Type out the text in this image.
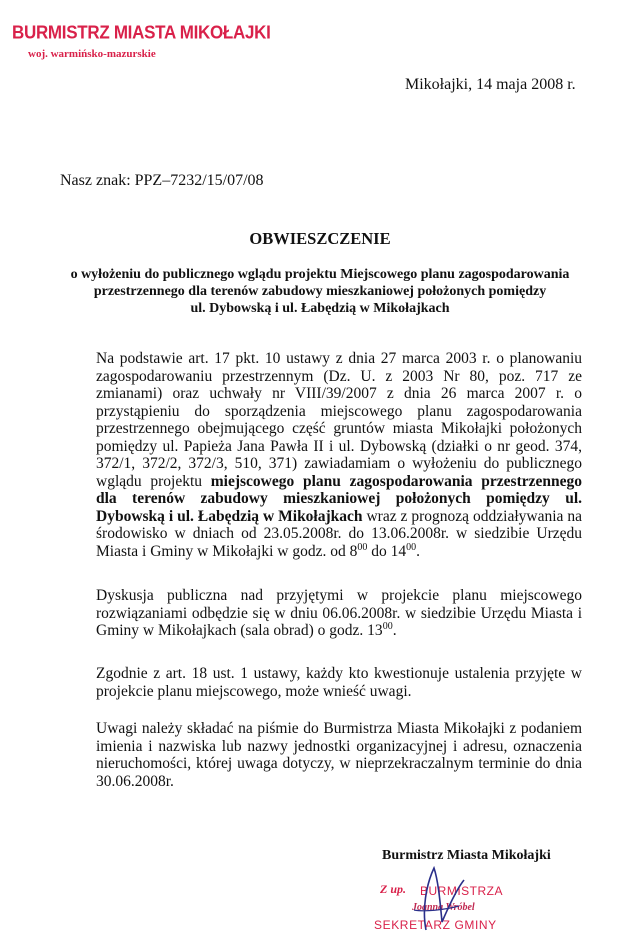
BURMISTRZ MIASTA MIKOŁAJKI
woj. warmińsko-mazurskie
Mikołajki, 14 maja 2008 r.
Nasz znak: PPZ–7232/15/07/08
OBWIESZCZENIE
o wyłożeniu do publicznego wglądu projektu Miejscowego planu zagospodarowania
przestrzennego dla terenów zabudowy mieszkaniowej położonych pomiędzy
ul. Dybowską i ul. Łabędzią w Mikołajkach
Na podstawie art. 17 pkt. 10 ustawy z dnia 27 marca 2003 r. o planowaniu zagospodarowaniu przestrzennym (Dz. U. z 2003 Nr 80, poz. 717 ze zmianami) oraz uchwały nr VIII/39/2007 z dnia 26 marca 2007 r. o przystąpieniu do sporządzenia miejscowego planu zagospodarowania przestrzennego obejmującego część gruntów miasta Mikołajki położonych pomiędzy ul. Papieża Jana Pawła II i ul. Dybowską (działki o nr geod. 374, 372/1, 372/2, 372/3, 510, 371) zawiadamiam o wyłożeniu do publicznego wglądu projektu miejscowego planu zagospodarowania przestrzennego dla terenów zabudowy mieszkaniowej położonych pomiędzy ul. Dybowską i ul. Łabędzią w Mikołajkach wraz z prognozą oddziaływania na środowisko w dniach od 23.05.2008r. do 13.06.2008r. w siedzibie Urzędu Miasta i Gminy w Mikołajki w godz. od $8^{00}$ do $14^{00}$.
Dyskusja publiczna nad przyjętymi w projekcie planu miejscowego rozwiązaniami odbędzie się w dniu 06.06.2008r. w siedzibie Urzędu Miasta i Gminy w Mikołajkach (sala obrad) o godz. $13^{00}$.
Zgodnie z art. 18 ust. 1 ustawy, każdy kto kwestionuje ustalenia przyjęte w projekcie planu miejscowego, może wnieść uwagi.
Uwagi należy składać na piśmie do Burmistrza Miasta Mikołajki z podaniem imienia i nazwiska lub nazwy jednostki organizacyjnej i adresu, oznaczenia nieruchomości, której uwaga dotyczy, w nieprzekraczalnym terminie do dnia 30.06.2008r.
Burmistrz Miasta Mikołajki
Z up. BURMISTRZA
Joanna Wróbel
SEKRETARZ GMINY
